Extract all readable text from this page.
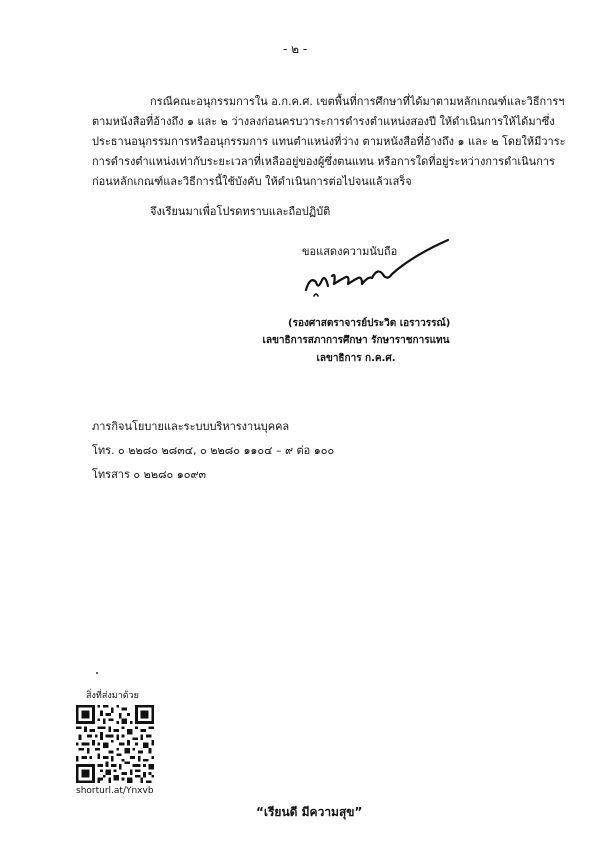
- ๒ -
กรณีคณะอนุกรรมการใน อ.ก.ค.ศ. เขตพื้นที่การศึกษาที่ได้มาตามหลักเกณฑ์และวิธีการฯ
ตามหนังสือที่อ้างถึง ๑ และ ๒ ว่างลงก่อนครบวาระการดำรงตำแหน่งสองปี ให้ดำเนินการให้ได้มาซึ่ง
ประธานอนุกรรมการหรืออนุกรรมการ แทนตำแหน่งที่ว่าง ตามหนังสือที่อ้างถึง ๑ และ ๒ โดยให้มีวาระ
การดำรงตำแหน่งเท่ากับระยะเวลาที่เหลืออยู่ของผู้ซึ่งตนแทน หรือการใดที่อยู่ระหว่างการดำเนินการ
ก่อนหลักเกณฑ์และวิธีการนี้ใช้บังคับ ให้ดำเนินการต่อไปจนแล้วเสร็จ
จึงเรียนมาเพื่อโปรดทราบและถือปฏิบัติ
ขอแสดงความนับถือ
(รองศาสตราจารย์ประวิต เอราวรรณ์)
เลขาธิการสภาการศึกษา รักษาราชการแทน
เลขาธิการ ก.ค.ศ.
ภารกิจนโยบายและระบบบริหารงานบุคคล
โทร. ๐ ๒๒๘๐ ๒๘๓๔, ๐ ๒๒๘๐ ๑๑๐๔ – ๙ ต่อ ๑๐๐
โทรสาร ๐ ๒๒๘๐ ๑๐๙๓
สิ่งที่ส่งมาด้วย
shorturl.at/Ynxvb
“เรียนดี มีความสุข”
